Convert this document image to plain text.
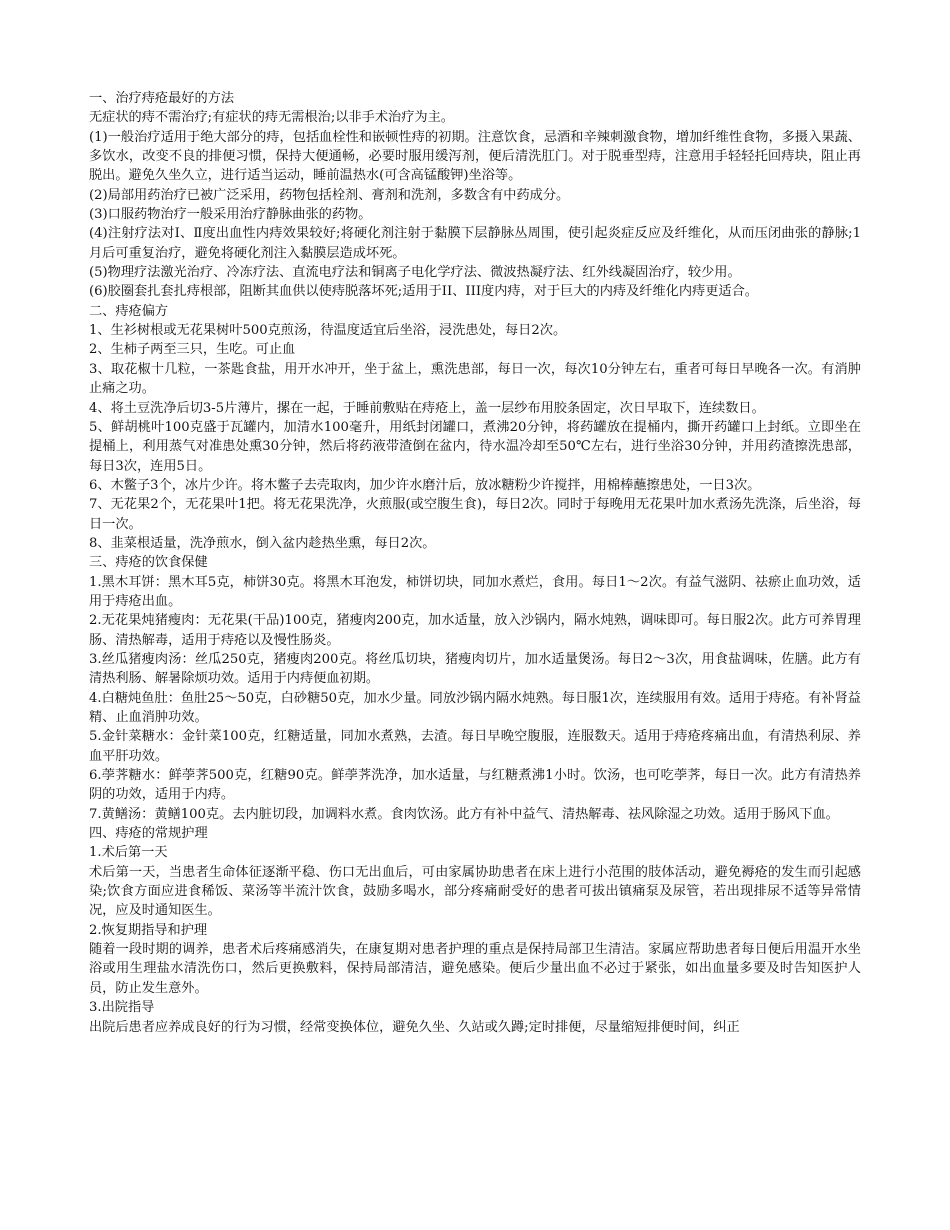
一、治疗痔疮最好的方法

无症状的痔不需治疗;有症状的痔无需根治;以非手术治疗为主。

(1)一般治疗适用于绝大部分的痔，包括血栓性和嵌顿性痔的初期。注意饮食，忌酒和辛辣刺激食物，增加纤维性食物，多摄入果蔬、多饮水，改变不良的排便习惯，保持大便通畅，必要时服用缓泻剂，便后清洗肛门。对于脱垂型痔，注意用手轻轻托回痔块，阻止再脱出。避免久坐久立，进行适当运动，睡前温热水(可含高锰酸钾)坐浴等。

(2)局部用药治疗已被广泛采用，药物包括栓剂、膏剂和洗剂，多数含有中药成分。

(3)口服药物治疗一般采用治疗静脉曲张的药物。

(4)注射疗法对Ⅰ、Ⅱ度出血性内痔效果较好;将硬化剂注射于黏膜下层静脉丛周围，使引起炎症反应及纤维化，从而压闭曲张的静脉;1月后可重复治疗，避免将硬化剂注入黏膜层造成坏死。

(5)物理疗法激光治疗、冷冻疗法、直流电疗法和铜离子电化学疗法、微波热凝疗法、红外线凝固治疗，较少用。

(6)胶圈套扎套扎痔根部，阻断其血供以使痔脱落坏死;适用于II、III度内痔，对于巨大的内痔及纤维化内痔更适合。

二、痔疮偏方

1、生衫树根或无花果树叶500克煎汤，待温度适宜后坐浴，浸洗患处，每日2次。

2、生柿子两至三只，生吃。可止血

3、取花椒十几粒，一茶匙食盐，用开水冲开，坐于盆上，熏洗患部，每日一次，每次10分钟左右，重者可每日早晚各一次。有消肿止痛之功。

4、将土豆洗净后切3-5片薄片，摞在一起，于睡前敷贴在痔疮上，盖一层纱布用胶条固定，次日早取下，连续数日。

5、鲜胡桃叶100克盛于瓦罐内，加清水100毫升，用纸封闭罐口，煮沸20分钟，将药罐放在提桶内，撕开药罐口上封纸。立即坐在提桶上，利用蒸气对准患处熏30分钟，然后将药液带渣倒在盆内，待水温冷却至50℃左右，进行坐浴30分钟，并用药渣擦洗患部，每日3次，连用5日。

6、木鳖子3个，冰片少许。将木鳖子去壳取肉，加少许水磨汁后，放冰糖粉少许搅拌，用棉棒蘸擦患处，一日3次。

7、无花果2个，无花果叶1把。将无花果洗净，火煎服(或空腹生食)，每日2次。同时于每晚用无花果叶加水煮汤先洗涤，后坐浴，每日一次。

8、韭菜根适量，洗净煎水，倒入盆内趁热坐熏，每日2次。

三、痔疮的饮食保健

1.黑木耳饼：黑木耳5克，柿饼30克。将黑木耳泡发，柿饼切块，同加水煮烂，食用。每日1～2次。有益气滋阴、祛瘀止血功效，适用于痔疮出血。

2.无花果炖猪瘦肉：无花果(干品)100克，猪瘦肉200克，加水适量，放入沙锅内，隔水炖熟，调味即可。每日服2次。此方可养胃理肠、清热解毒，适用于痔疮以及慢性肠炎。

3.丝瓜猪瘦肉汤：丝瓜250克，猪瘦肉200克。将丝瓜切块，猪瘦肉切片，加水适量煲汤。每日2～3次，用食盐调味，佐膳。此方有清热利肠、解暑除烦功效。适用于内痔便血初期。

4.白糖炖鱼肚：鱼肚25～50克，白砂糖50克，加水少量。同放沙锅内隔水炖熟。每日服1次，连续服用有效。适用于痔疮。有补肾益精、止血消肿功效。

5.金针菜糖水：金针菜100克，红糖适量，同加水煮熟，去渣。每日早晚空腹服，连服数天。适用于痔疮疼痛出血，有清热利尿、养血平肝功效。

6.荸荠糖水：鲜荸荠500克，红糖90克。鲜荸荠洗净，加水适量，与红糖煮沸1小时。饮汤，也可吃荸荠，每日一次。此方有清热养阴的功效，适用于内痔。

7.黄鳝汤：黄鳝100克。去内脏切段，加调料水煮。食肉饮汤。此方有补中益气、清热解毒、祛风除湿之功效。适用于肠风下血。

四、痔疮的常规护理

1.术后第一天

术后第一天，当患者生命体征逐渐平稳、伤口无出血后，可由家属协助患者在床上进行小范围的肢体活动，避免褥疮的发生而引起感染;饮食方面应进食稀饭、菜汤等半流汁饮食，鼓励多喝水，部分疼痛耐受好的患者可拔出镇痛泵及尿管，若出现排尿不适等异常情况，应及时通知医生。

2.恢复期指导和护理

随着一段时期的调养，患者术后疼痛感消失，在康复期对患者护理的重点是保持局部卫生清洁。家属应帮助患者每日便后用温开水坐浴或用生理盐水清洗伤口，然后更换敷料，保持局部清洁，避免感染。便后少量出血不必过于紧张，如出血量多要及时告知医护人员，防止发生意外。

3.出院指导

出院后患者应养成良好的行为习惯，经常变换体位，避免久坐、久站或久蹲;定时排便，尽量缩短排便时间，纠正
